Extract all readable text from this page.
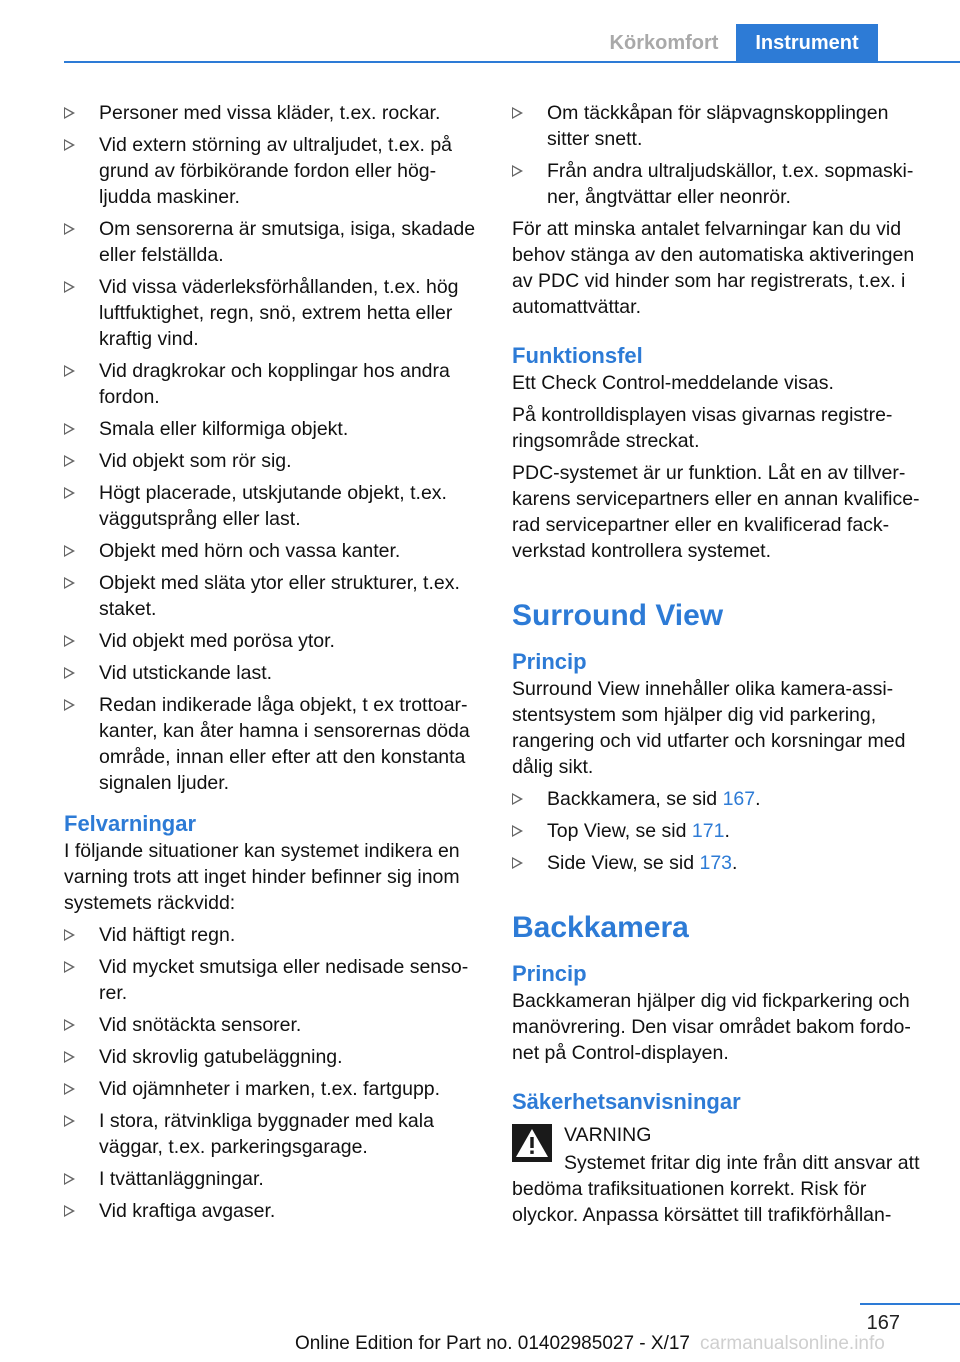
Körkomfort	Instrument
Personer med vissa kläder, t.ex. rockar.
Vid extern störning av ultraljudet, t.ex. på grund av förbikörande fordon eller hög‐ ljudda maskiner.
Om sensorerna är smutsiga, isiga, skadade eller felställda.
Vid vissa väderleksförhållanden, t.ex. hög luftfuktighet, regn, snö, extrem hetta eller kraftig vind.
Vid dragkrokar och kopplingar hos andra fordon.
Smala eller kilformiga objekt.
Vid objekt som rör sig.
Högt placerade, utskjutande objekt, t.ex. väggutsprång eller last.
Objekt med hörn och vassa kanter.
Objekt med släta ytor eller strukturer, t.ex. staket.
Vid objekt med porösa ytor.
Vid utstickande last.
Redan indikerade låga objekt, t ex trottoar‐ kanter, kan åter hamna i sensorernas döda område, innan eller efter att den konstanta signalen ljuder.
Felvarningar

I följande situationer kan systemet indikera en varning trots att inget hinder befinner sig inom systemets räckvidd:

Vid häftigt regn.
Vid mycket smutsiga eller nedisade senso‐ rer.
Vid snötäckta sensorer.
Vid skrovlig gatubeläggning.
Vid ojämnheter i marken, t.ex. fartgupp.
I stora, rätvinkliga byggnader med kala väggar, t.ex. parkeringsgarage.
I tvättanläggningar.
Vid kraftiga avgaser.
Om täckkåpan för släpvagnskopplingen sitter snett.
Från andra ultraljudskällor, t.ex. sopmaski‐ ner, ångtvättar eller neonrör.

För att minska antalet felvarningar kan du vid behov stänga av den automatiska aktiveringen av PDC vid hinder som har registrerats, t.ex. i automattvättar.

Funktionsfel

Ett Check Control-meddelande visas.

På kontrolldisplayen visas givarnas registre‐ ringsområde streckat.

PDC-systemet är ur funktion. Låt en av tillver‐ karens servicepartners eller en annan kvalifice‐ rad servicepartner eller en kvalificerad fack‐ verkstad kontrollera systemet.

Surround View
Princip

Surround View innehåller olika kamera-assi‐ stentsystem som hjälper dig vid parkering, rangering och vid utfarter och korsningar med dålig sikt.

Backkamera, se sid 167.
Top View, se sid 171.
Side View, se sid 173.
Backkamera
Princip

Backkameran hjälper dig vid fickparkering och manövrering. Den visar området bakom fordo‐ net på Control-displayen.

Säkerhetsanvisningar
VARNING

Systemet fritar dig inte från ditt ansvar att bedöma trafiksituationen korrekt. Risk för olyckor. Anpassa körsättet till trafikförhållan‐

167
Online Edition for Part no. 01402985027 - X/17 carmanualsonline.info
